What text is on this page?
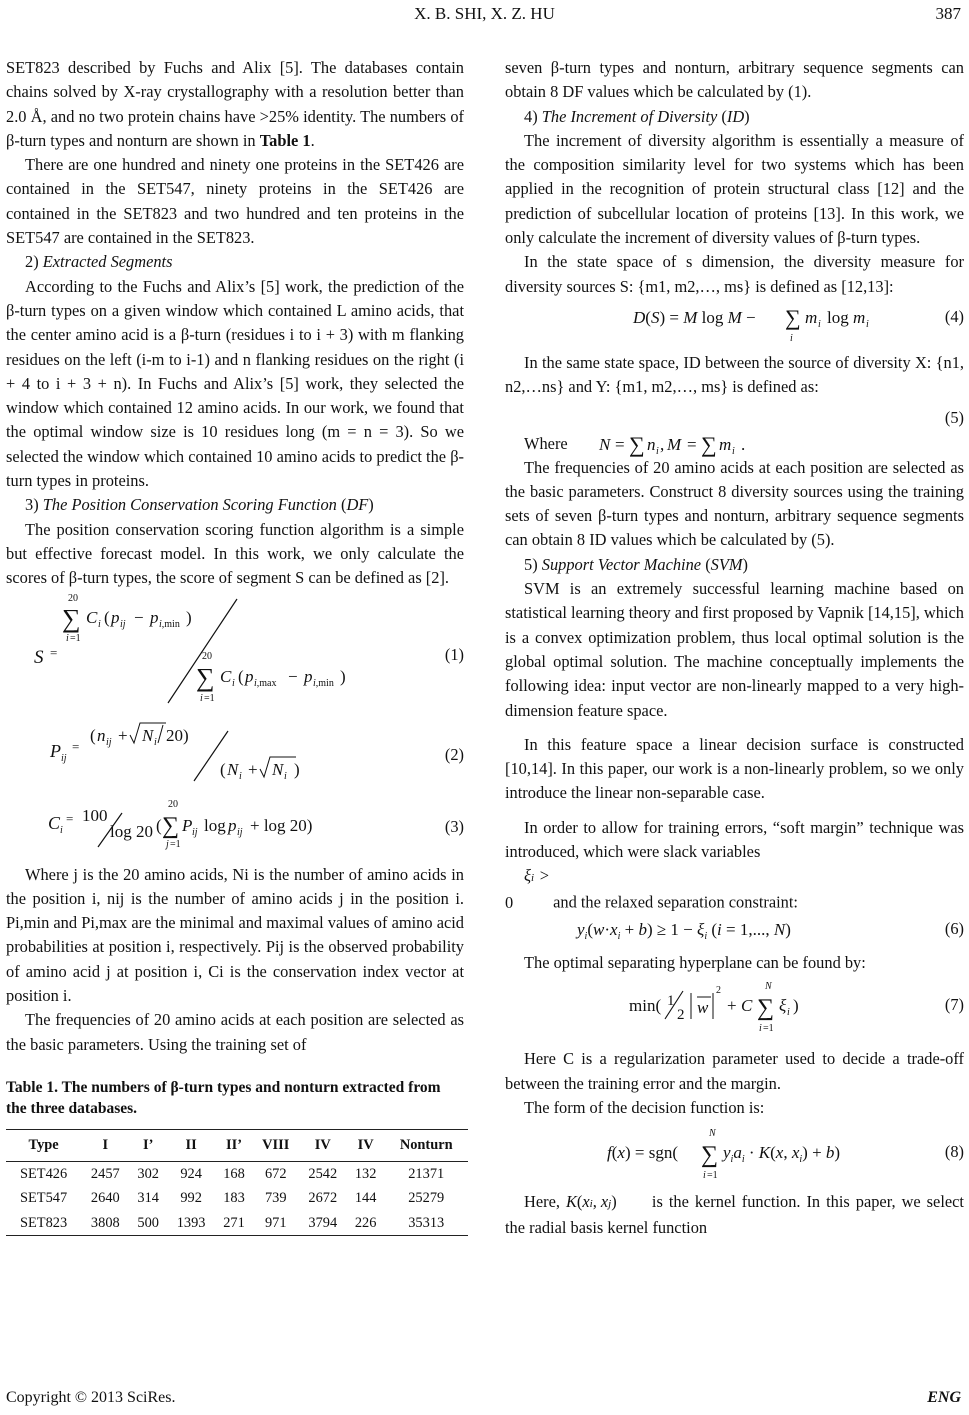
X. B. SHI, X. Z. HU	387

SET823 described by Fuchs and Alix [5]. The databases contain chains solved by X-ray crystallography with a resolution better than 2.0 Å, and no two protein chains have >25% identity. The numbers of β-turn types and nonturn are shown in Table 1.

There are one hundred and ninety one proteins in the SET426 are contained in the SET547, ninety proteins in the SET426 are contained in the SET823 and two hundred and ten proteins in the SET547 are contained in the SET823.

2) Extracted Segments

According to the Fuchs and Alix’s [5] work, the prediction of the β-turn types on a given window which contained L amino acids, that the center amino acid is a β-turn (residues i to i + 3) with m flanking residues on the left (i-m to i-1) and n flanking residues on the right (i + 4 to i + 3 + n). In Fuchs and Alix’s [5] work, they selected the window which contained 12 amino acids. In our work, we found that the optimal window size is 10 residues long (m = n = 3). So we selected the window which contained 10 amino acids to predict the β-turn types in proteins.

3) The Position Conservation Scoring Function (DF)

The position conservation scoring function algorithm is a simple but effective forecast model. In this work, we only calculate the scores of β-turn types, the score of segment S can be defined as [2].

S =
20
∑
i =1
C i ( p ij − p i,min )
20
∑
i =1
C i ( p i,max − p i,min )
(1)
P ij
=
( n ij + N i 20)
( N i + N i )
(2)
C i
= 100
log 20 (
20
∑
j =1
P ij log p ij + log 20)	(3)

Where j is the 20 amino acids, Ni is the number of amino acids in the position i, nij is the number of amino acids j in the position i. Pi,min and Pi,max are the minimal and maximal values of amino acid probabilities at position i, respectively. Pij is the observed probability of amino acid j at position i, Ci is the conservation index vector at position i.

The frequencies of 20 amino acids at each position are selected as the basic parameters. Using the training set of

Table 1. The numbers of β-turn types and nonturn extracted from the three databases.
Type	I	I’	II	II’	VIII	IV	IV	Nonturn
SET426	2457	302	924	168	672	2542	132	21371
SET547	2640	314	992	183	739	2672	144	25279
SET823	3808	500	1393	271	971	3794	226	35313

seven β-turn types and nonturn, arbitrary sequence segments can obtain 8 DF values which be calculated by (1).

4) The Increment of Diversity (ID)

The increment of diversity algorithm is essentially a measure of the composition similarity level for two systems which has been applied in the recognition of protein structural class [12] and the prediction of subcellular location of proteins [13]. In this work, we only calculate the increment of diversity values of β-turn types.

In the state space of s dimension, the diversity measure for diversity sources S: {m1, m2,…, ms} is defined as [12,13]:

D(S) = M log M − ∑
i
m i log m i	(4)

In the same state space, ID between the source of diversity X: {n1, n2,…ns} and Y: {m1, m2,…, ms} is defined as:

(5)

Where N = ∑ n i , M = ∑ m i .

The frequencies of 20 amino acids at each position are selected as the basic parameters. Construct 8 diversity sources using the training sets of seven β-turn types and nonturn, arbitrary sequence segments can obtain 8 ID values which be calculated by (5).

5) Support Vector Machine (SVM)

SVM is an extremely successful learning machine based on statistical learning theory and first proposed by Vapnik [14,15], which is a convex optimization problem, thus local optimal solution is the global optimal solution. The machine conceptually implements the following idea: input vector are non-linearly mapped to a very high-dimension feature space.

In this feature space a linear decision surface is constructed [10,14]. In this paper, our work is a non-linearly problem, so we only introduce the linear non-separable case.

In order to allow for training errors, “soft margin” technique was introduced, which were slack variables
ξi > 0 and the relaxed separation constraint:

$y_i(w\cdot x_i + b) \ge 1 - \xi_i$ (i = 1,..., N)	(6)

The optimal separating hyperplane can be found by:

min( 1
2 w
2
+ C
N
∑
i =1
ξ i )	(7)

Here C is a regularization parameter used to decide a trade-off between the training error and the margin.

The form of the decision function is:

f(x) = sgn(
N
∑
i =1
$y_ia_i \cdot K(x$, $x_i) + b$)	(8)

Here, K(xi, xj) is the kernel function. In this paper, we select the radial basis kernel function

Copyright © 2013 SciRes.	ENG
